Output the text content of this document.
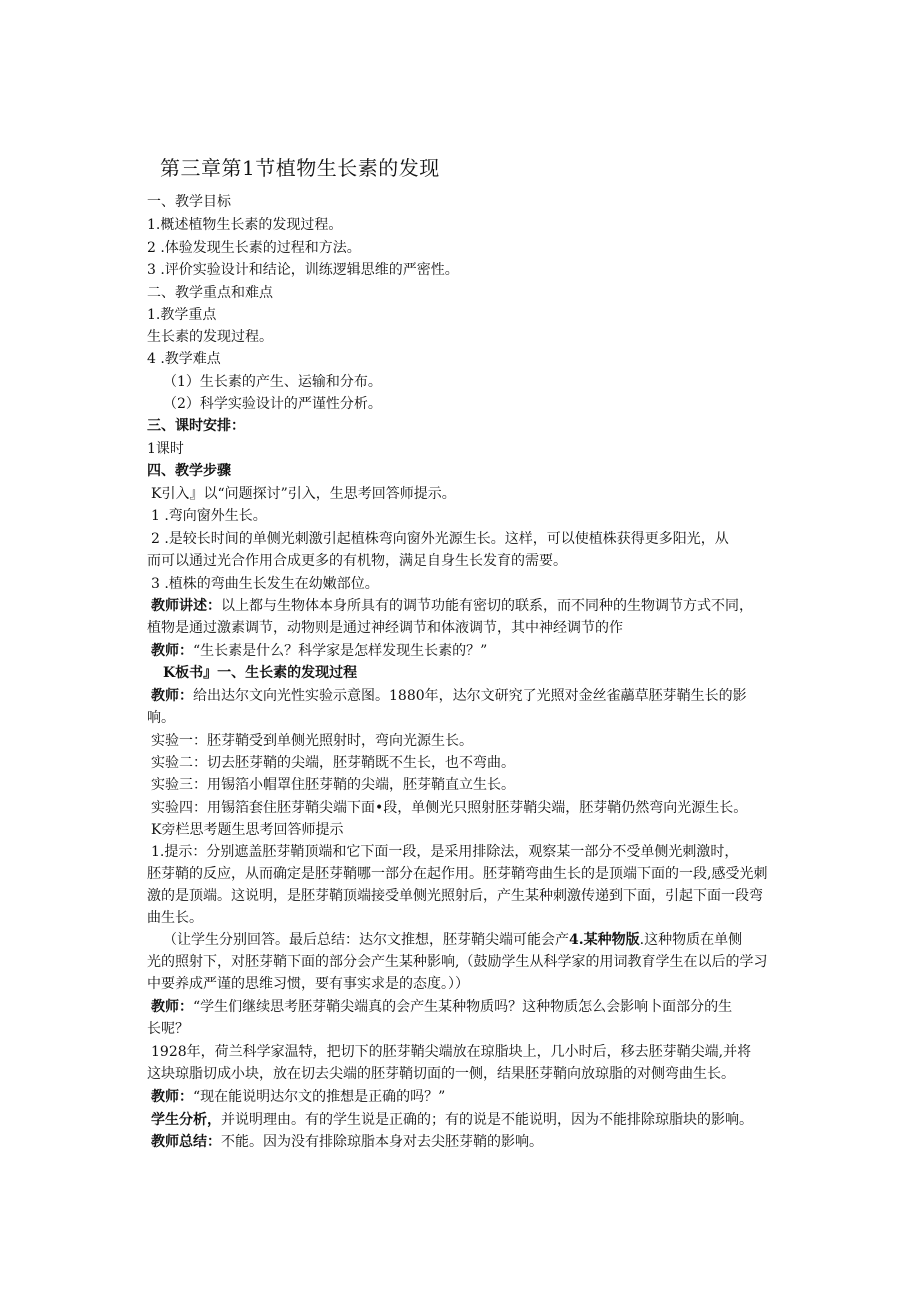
第三章第1节植物生长素的发现
一、教学目标
1.概述植物生长素的发现过程。
2 .体验发现生长素的过程和方法。
3 .评价实验设计和结论，训练逻辑思维的严密性。
二、教学重点和难点
1.教学重点
生长素的发现过程。
4 .教学难点
（1）生长素的产生、运输和分布。
（2）科学实验设计的严谨性分析。
三、课时安排：
1课时
四、教学步骤
K引入』以“问题探讨”引入，生思考回答师提示。
1 .弯向窗外生长。
2 .是较长时间的单侧光刺激引起植株弯向窗外光源生长。这样，可以使植株获得更多阳光，从
而可以通过光合作用合成更多的有机物，满足自身生长发育的需要。
3 .植株的弯曲生长发生在幼嫩部位。
教师讲述：以上都与生物体本身所具有的调节功能有密切的联系，而不同种的生物调节方式不同，
植物是通过激素调节，动物则是通过神经调节和体液调节，其中神经调节的作
教师：“生长素是什么？科学家是怎样发现生长素的？”
K板书』一、生长素的发现过程
教师：给出达尔文向光性实验示意图。1880年，达尔文研究了光照对金丝雀虉草胚芽鞘生长的影
响。
实验一：胚芽鞘受到单侧光照射时，弯向光源生长。
实验二：切去胚芽鞘的尖端，胚芽鞘既不生长，也不弯曲。
实验三：用锡箔小帽罩住胚芽鞘的尖端，胚芽鞘直立生长。
实验四：用锡箔套住胚芽鞘尖端下面•段，单侧光只照射胚芽鞘尖端，胚芽鞘仍然弯向光源生长。
K旁栏思考题生思考回答师提示
1.提示：分别遮盖胚芽鞘顶端和它下面一段，是采用排除法，观察某一部分不受单侧光刺激时，
胚芽鞘的反应，从而确定是胚芽鞘哪一部分在起作用。胚芽鞘弯曲生长的是顶端下面的一段,感受光刺
激的是顶端。这说明，是胚芽鞘顶端接受单侧光照射后，产生某种刺激传递到下面，引起下面一段弯
曲生长。
（让学生分别回答。最后总结：达尔文推想，胚芽鞘尖端可能会产4.某种物版.这种物质在单侧
光的照射下，对胚芽鞘下面的部分会产生某种影响,（鼓励学生从科学家的用词教育学生在以后的学习
中要养成严谨的思维习惯，要有事实求是的态度。））
教师：“学生们继续思考胚芽鞘尖端真的会产生某种物质吗？这种物质怎么会影响卜面部分的生
长呢？
1928年，荷兰科学家温特，把切下的胚芽鞘尖端放在琼脂块上，几小时后，移去胚芽鞘尖端,并将
这块琼脂切成小块，放在切去尖端的胚芽鞘切面的一侧，结果胚芽鞘向放琼脂的对侧弯曲生长。
教师：“现在能说明达尔文的推想是正确的吗？”
学生分析，并说明理由。有的学生说是正确的；有的说是不能说明，因为不能排除琼脂块的影响。
教师总结：不能。因为没有排除琼脂本身对去尖胚芽鞘的影响。
